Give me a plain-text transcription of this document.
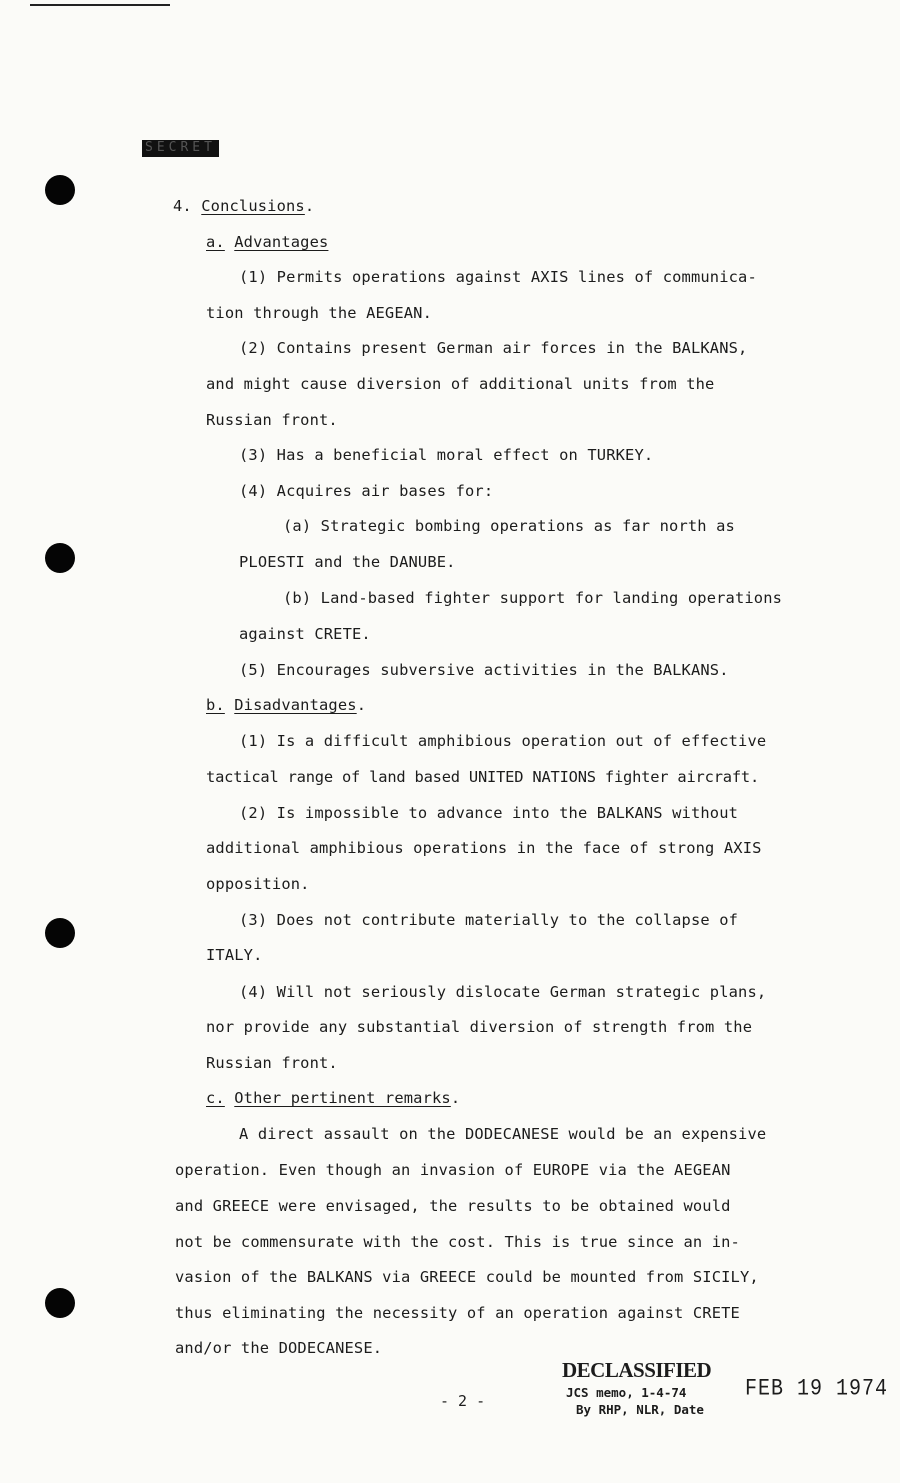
SECRET
4. Conclusions.
a. Advantages
(1) Permits operations against AXIS lines of communica-
tion through the AEGEAN.
(2) Contains present German air forces in the BALKANS,
and might cause diversion of additional units from the
Russian front.
(3) Has a beneficial moral effect on TURKEY.
(4) Acquires air bases for:
(a) Strategic bombing operations as far north as
PLOESTI and the DANUBE.
(b) Land-based fighter support for landing operations
against CRETE.
(5) Encourages subversive activities in the BALKANS.
b. Disadvantages.
(1) Is a difficult amphibious operation out of effective
tactical range of land based UNITED NATIONS fighter aircraft.
(2) Is impossible to advance into the BALKANS without
additional amphibious operations in the face of strong AXIS
opposition.
(3) Does not contribute materially to the collapse of
ITALY.
(4) Will not seriously dislocate German strategic plans,
nor provide any substantial diversion of strength from the
Russian front.
c. Other pertinent remarks.
A direct assault on the DODECANESE would be an expensive
operation. Even though an invasion of EUROPE via the AEGEAN
and GREECE were envisaged, the results to be obtained would
not be commensurate with the cost. This is true since an in-
vasion of the BALKANS via GREECE could be mounted from SICILY,
thus eliminating the necessity of an operation against CRETE
and/or the DODECANESE.
- 2 -
DECLASSIFIED
JCS memo, 1-4-74
By RHP, NLR, Date
FEB 19 1974
